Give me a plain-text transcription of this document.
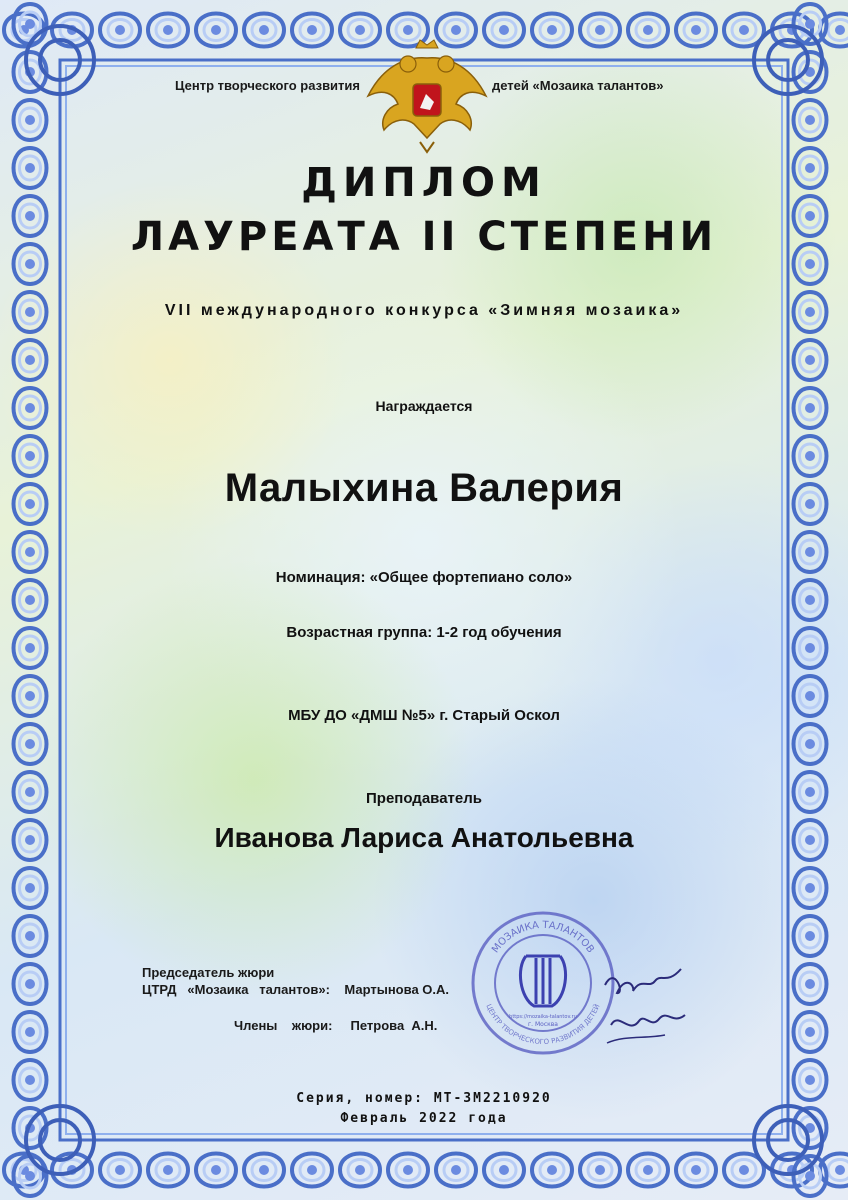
Центр творческого развития	детей «Мозаика талантов»
ДИПЛОМ
ЛАУРЕАТА II СТЕПЕНИ
VII международного конкурса «Зимняя мозаика»
Награждается
Малыхина Валерия
Номинация: «Общее фортепиано соло»
Возрастная группа: 1-2 год обучения
МБУ ДО «ДМШ №5» г. Старый Оскол
Преподаватель
Иванова Лариса Анатольевна
Председатель жюри
ЦТРД   «Мозаика   талантов»:    Мартынова О.А.
Члены    жюри:     Петрова  А.Н.
МОЗАИКА ТАЛАНТОВ
ЦЕНТР ТВОРЧЕСКОГО РАЗВИТИЯ ДЕТЕЙ
https://mozaika-talantov.ru
г. Москва
Серия, номер: МТ-ЗМ2210920
Февраль 2022 года
